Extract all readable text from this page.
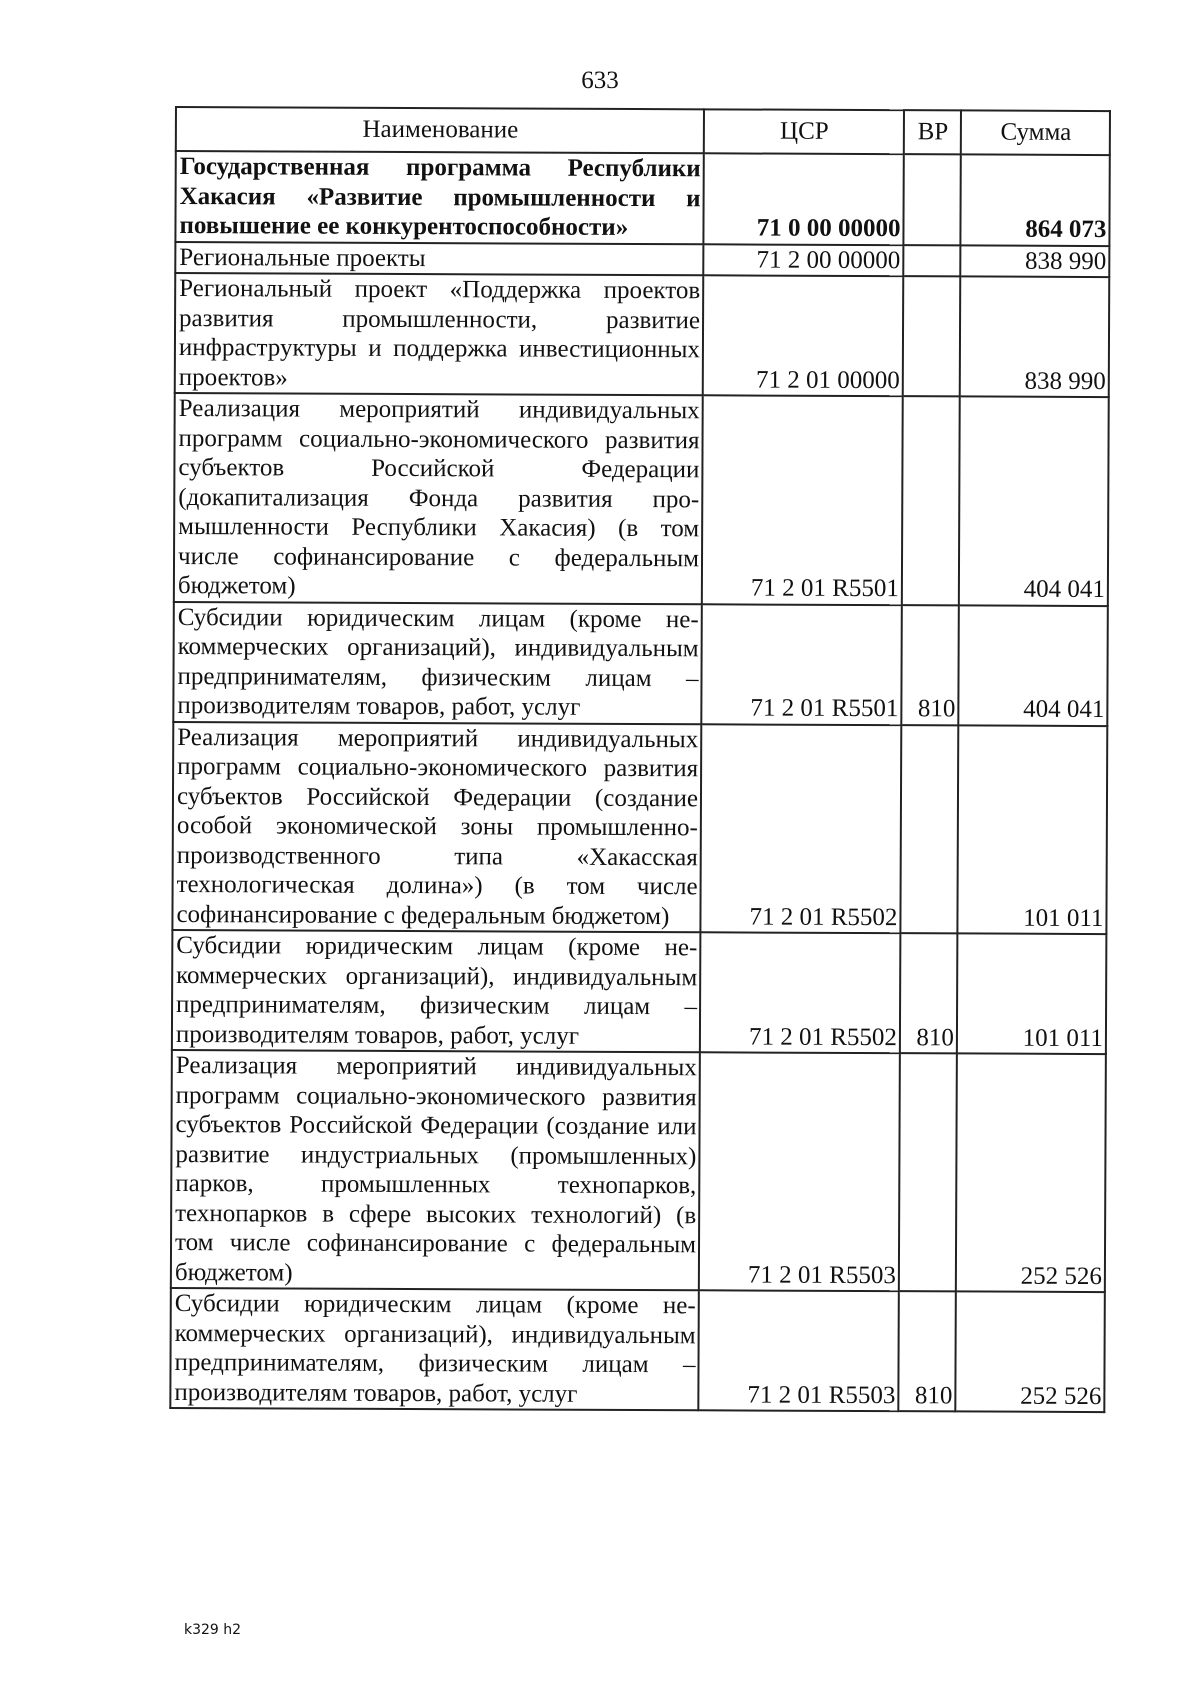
633
Наименование	ЦСР	ВР	Сумма
Государственная программа Республики Хакасия «Развитие промышленности и повышение ее конкурентоспособности»	71 0 00 00000		864 073
Региональные проекты	71 2 00 00000		838 990
Региональный проект «Поддержка проектов развития промышленности, развитие инфраструктуры и поддержка инвестиционных проектов»	71 2 01 00000		838 990
Реализация мероприятий индивидуальных программ социально-экономического развития субъектов Российской Федерации (докапитализация Фонда развития промышленности Республики Хакасия) (в том числе софинансирование с федеральным бюджетом)	71 2 01 R5501		404 041
Субсидии юридическим лицам (кроме некоммерческих организаций), индивидуальным предпринимателям, физическим лицам – производителям товаров, работ, услуг	71 2 01 R5501	810	404 041
Реализация мероприятий индивидуальных программ социально-экономического развития субъектов Российской Федерации (создание особой экономической зоны промышленно-производственного типа «Хакасская технологическая долина») (в том числе софинансирование с федеральным бюджетом)	71 2 01 R5502		101 011
Субсидии юридическим лицам (кроме некоммерческих организаций), индивидуальным предпринимателям, физическим лицам – производителям товаров, работ, услуг	71 2 01 R5502	810	101 011
Реализация мероприятий индивидуальных программ социально-экономического развития субъектов Российской Федерации (создание или развитие индустриальных (промышленных) парков, промышленных технопарков, технопарков в сфере высоких технологий) (в том числе софинансирование с федеральным бюджетом)	71 2 01 R5503		252 526
Субсидии юридическим лицам (кроме некоммерческих организаций), индивидуальным предпринимателям, физическим лицам – производителям товаров, работ, услуг	71 2 01 R5503	810	252 526
k329 h2
